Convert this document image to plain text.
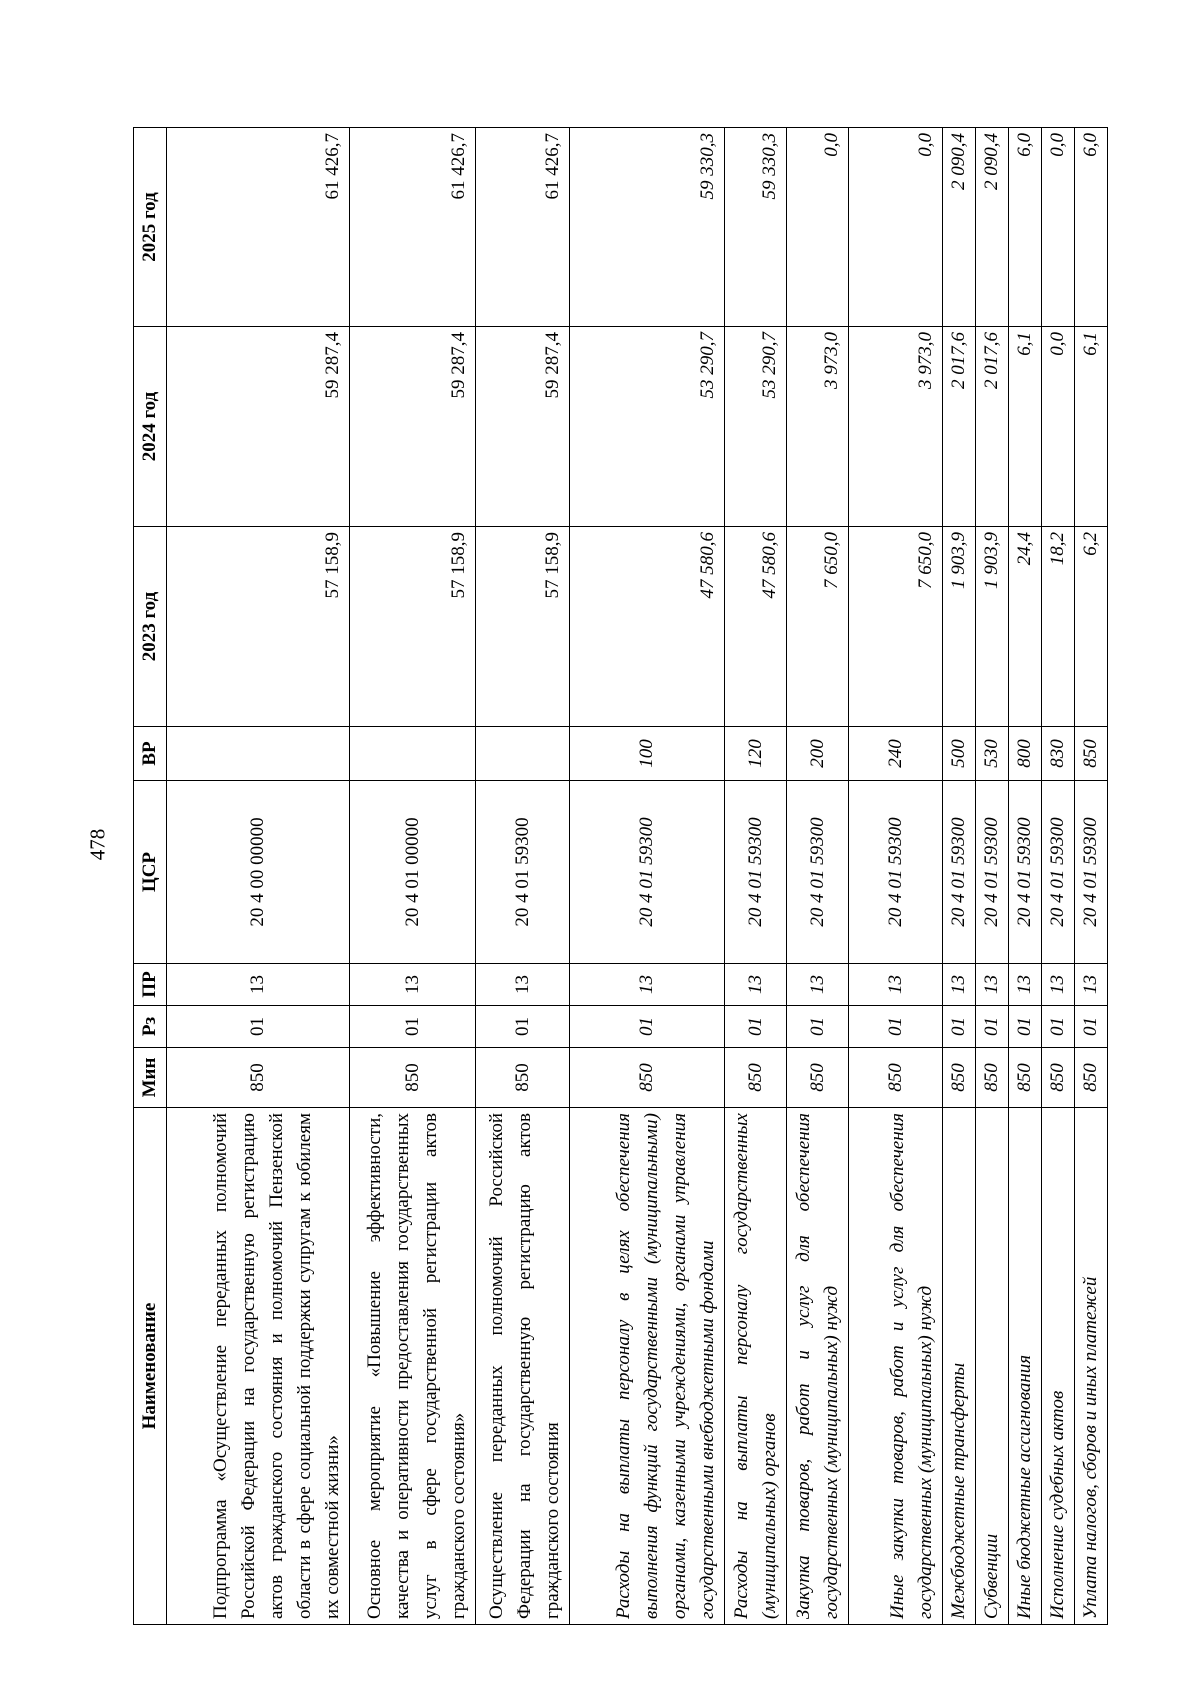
478
Наименование	Мин	Рз	ПР	ЦСР	ВР	2023 год	2024 год	2025 год
Подпрограмма «Осуществление переданных полномочий Российской Федерации на государственную регистрацию актов гражданского состояния и полномочий Пензенской области в сфере социальной поддержки супругам к юбилеям их совместной жизни»	850	01	13	20 4 00 00000		57 158,9	59 287,4	61 426,7
Основное мероприятие «Повышение эффективности, качества и оперативности предоставления государственных услуг в сфере государственной регистрации актов гражданского состояния»	850	01	13	20 4 01 00000		57 158,9	59 287,4	61 426,7
Осуществление переданных полномочий Российской Федерации на государственную регистрацию актов гражданского состояния	850	01	13	20 4 01 59300		57 158,9	59 287,4	61 426,7
Расходы на выплаты персоналу в целях обеспечения выполнения функций государственными (муниципальными) органами, казенными учреждениями, органами управления государственными внебюджетными фондами	850	01	13	20 4 01 59300	100	47 580,6	53 290,7	59 330,3
Расходы на выплаты персоналу государственных (муниципальных) органов	850	01	13	20 4 01 59300	120	47 580,6	53 290,7	59 330,3
Закупка товаров, работ и услуг для обеспечения государственных (муниципальных) нужд	850	01	13	20 4 01 59300	200	7 650,0	3 973,0	0,0
Иные закупки товаров, работ и услуг для обеспечения государственных (муниципальных) нужд	850	01	13	20 4 01 59300	240	7 650,0	3 973,0	0,0
Межбюджетные трансферты	850	01	13	20 4 01 59300	500	1 903,9	2 017,6	2 090,4
Субвенции	850	01	13	20 4 01 59300	530	1 903,9	2 017,6	2 090,4
Иные бюджетные ассигнования	850	01	13	20 4 01 59300	800	24,4	6,1	6,0
Исполнение судебных актов	850	01	13	20 4 01 59300	830	18,2	0,0	0,0
Уплата налогов, сборов и иных платежей	850	01	13	20 4 01 59300	850	6,2	6,1	6,0
